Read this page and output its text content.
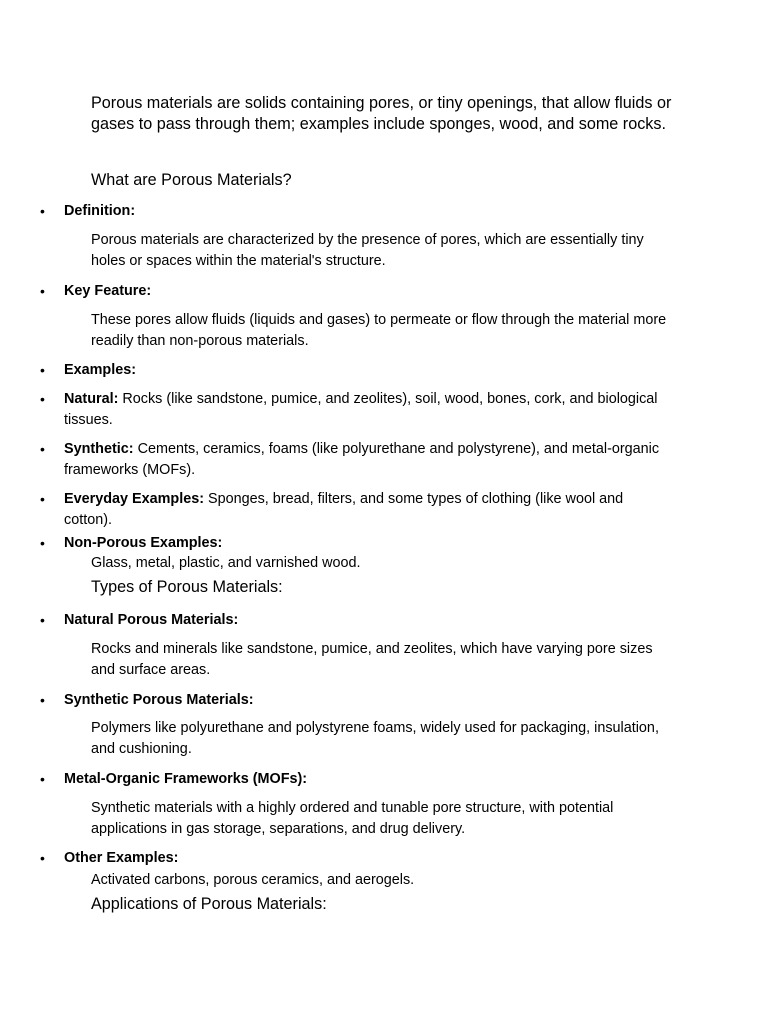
Porous materials are solids containing pores, or tiny openings, that allow fluids or gases to pass through them; examples include sponges, wood, and some rocks.

What are Porous Materials?

• Definition:

Porous materials are characterized by the presence of pores, which are essentially tiny holes or spaces within the material's structure.

• Key Feature:

These pores allow fluids (liquids and gases) to permeate or flow through the material more readily than non-porous materials.

• Examples:
• Natural: Rocks (like sandstone, pumice, and zeolites), soil, wood, bones, cork, and biological tissues.
• Synthetic: Cements, ceramics, foams (like polyurethane and polystyrene), and metal-organic frameworks (MOFs).
• Everyday Examples: Sponges, bread, filters, and some types of clothing (like wool and cotton).
• Non-Porous Examples:

Glass, metal, plastic, and varnished wood.

Types of Porous Materials:

• Natural Porous Materials:

Rocks and minerals like sandstone, pumice, and zeolites, which have varying pore sizes and surface areas.

• Synthetic Porous Materials:

Polymers like polyurethane and polystyrene foams, widely used for packaging, insulation, and cushioning.

• Metal-Organic Frameworks (MOFs):

Synthetic materials with a highly ordered and tunable pore structure, with potential applications in gas storage, separations, and drug delivery.

• Other Examples:

Activated carbons, porous ceramics, and aerogels.

Applications of Porous Materials:
